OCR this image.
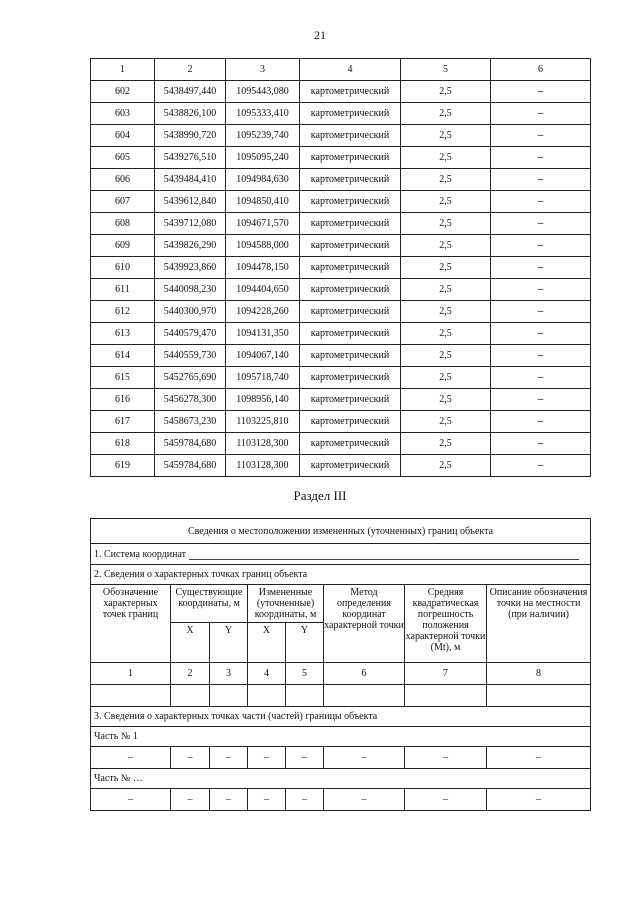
21
1	2	3	4	5	6
602	5438497,440	1095443,080	картометрический	2,5	–
603	5438826,100	1095333,410	картометрический	2,5	–
604	5438990,720	1095239,740	картометрический	2,5	–
605	5439276,510	1095095,240	картометрический	2,5	–
606	5439484,410	1094984,630	картометрический	2,5	–
607	5439612,840	1094850,410	картометрический	2,5	–
608	5439712,080	1094671,570	картометрический	2,5	–
609	5439826,290	1094588,000	картометрический	2,5	–
610	5439923,860	1094478,150	картометрический	2,5	–
611	5440098,230	1094404,650	картометрический	2,5	–
612	5440300,970	1094228,260	картометрический	2,5	–
613	5440579,470	1094131,350	картометрический	2,5	–
614	5440559,730	1094067,140	картометрический	2,5	–
615	5452765,690	1095718,740	картометрический	2,5	–
616	5456278,300	1098956,140	картометрический	2,5	–
617	5458673,230	1103225,810	картометрический	2,5	–
618	5459784,680	1103128,300	картометрический	2,5	–
619	5459784,680	1103128,300	картометрический	2,5	–
Раздел III
Сведения о местоположении измененных (уточненных) границ объекта							
1. Система координат							
2. Сведения о характерных точках границ объекта							
Обозначение характерных точек границ	Существующие координаты, м		Измененные (уточненные) координаты, м		Метод определения координат характерной точки	Средняя квадратическая погрешность положения характерной точки (Mt), м	Описание обозначения точки на местности (при наличии)
	X	Y	X	Y			
1	2	3	4	5	6	7	8

3. Сведения о характерных точках части (частей) границы объекта							
Часть № 1							
–	–	–	–	–	–	–	–
Часть № …							
–	–	–	–	–	–	–	–
